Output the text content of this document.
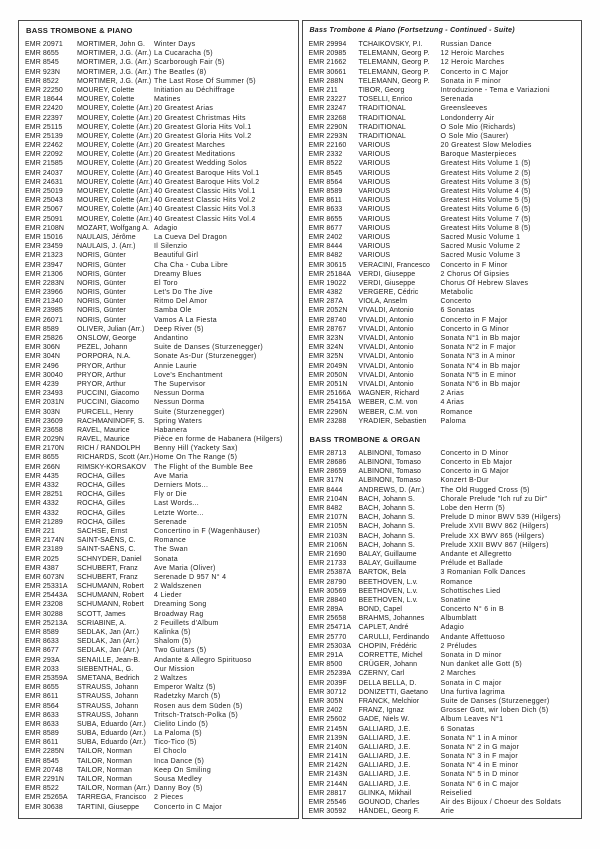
BASS TROMBONE & PIANO
EMR 20971	MORTIMER, John G.	Winter Days
EMR 8655	MORTIMER, J.G. (Arr.) La Cucaracha (5)
EMR 8545	MORTIMER, J.G. (Arr.) Scarborough Fair (5)
EMR 923N	MORTIMER, J.G. (Arr.) The Beatles (8)
EMR 8522	MORTIMER, J.G. (Arr.) The Last Rose Of Summer (5)
EMR 22250	MOUREY, Colette	Initiation au Déchiffrage
EMR 18644	MOUREY, Colette	Matines
EMR 22420	MOUREY, Colette (Arr.) 20 Greatest Arias
EMR 22397	MOUREY, Colette (Arr.) 20 Greatest Christmas Hits
EMR 25115	MOUREY, Colette (Arr.) 20 Greatest Gloria Hits Vol.1
EMR 25139	MOUREY, Colette (Arr.) 20 Greatest Gloria Hits Vol.2
EMR 22462	MOUREY, Colette (Arr.) 20 Greatest Marches
EMR 22092	MOUREY, Colette (Arr.) 20 Greatest Meditations
EMR 21585	MOUREY, Colette (Arr.) 20 Greatest Wedding Solos
EMR 24037	MOUREY, Colette (Arr.) 40 Greatest Baroque Hits Vol.1
EMR 24631	MOUREY, Colette (Arr.) 40 Greatest Baroque Hits Vol.2
EMR 25019	MOUREY, Colette (Arr.) 40 Greatest Classic Hits Vol.1
EMR 25043	MOUREY, Colette (Arr.) 40 Greatest Classic Hits Vol.2
EMR 25067	MOUREY, Colette (Arr.) 40 Greatest Classic Hits Vol.3
EMR 25091	MOUREY, Colette (Arr.) 40 Greatest Classic Hits Vol.4
EMR 2108N	MOZART, Wolfgang A. Adagio
EMR 15016	NAULAIS, Jérôme	La Cueva Del Dragon
EMR 23459	NAULAIS, J. (Arr.)	Il Silenzio
EMR 21323	NORIS, Günter	Beautiful Girl
EMR 23947	NORIS, Günter	Cha Cha - Cuba Libre
EMR 21306	NORIS, Günter	Dreamy Blues
EMR 2283N	NORIS, Günter	El Toro
EMR 23966	NORIS, Günter	Let's Do The Jive
EMR 21340	NORIS, Günter	Ritmo Del Amor
EMR 23985	NORIS, Günter	Samba Ole
EMR 26071	NORIS, Günter	Vamos A La Fiesta
EMR 8589	OLIVER, Julian (Arr.)	Deep River (5)
EMR 25826	ONSLOW, George	Andantino
EMR 306N	PEZEL, Johann	Suite de Danses (Sturzenegger)
EMR 304N	PORPORA, N.A.	Sonate As-Dur (Sturzenegger)
EMR 2496	PRYOR, Arthur	Annie Laurie
EMR 30040	PRYOR, Arthur	Love's Enchantment
EMR 4239	PRYOR, Arthur	The Supervisor
EMR 23493	PUCCINI, Giacomo	Nessun Dorma
EMR 2031N	PUCCINI, Giacomo	Nessun Dorma
EMR 303N	PURCELL, Henry	Suite (Sturzenegger)
EMR 23609	RACHMANINOFF, S.	Spring Waters
EMR 23658	RAVEL, Maurice	Habanera
EMR 2029N	RAVEL, Maurice	Pièce en forme de Habanera (Hilgers)
EMR 2170N	RICH / RANDOLPH	Benny Hill (Yackety Sax)
EMR 8655	RICHARDS, Scott (Arr.) Home On The Range (5)
EMR 266N	RIMSKY-KORSAKOV	The Flight of the Bumble Bee
EMR 4435	ROCHA, Gilles	Ave Maria
EMR 4332	ROCHA, Gilles	Derniers Mots...
EMR 28251	ROCHA, Gilles	Fly or Die
EMR 4332	ROCHA, Gilles	Last Words...
EMR 4332	ROCHA, Gilles	Letzte Worte...
EMR 21289	ROCHA, Gilles	Serenade
EMR 221	SACHSE, Ernst	Concertino in F (Wagenhäuser)
EMR 2174N	SAINT-SAËNS, C.	Romance
EMR 23189	SAINT-SAËNS, C.	The Swan
EMR 2025	SCHNYDER, Daniel	Sonata
EMR 4387	SCHUBERT, Franz	Ave Maria (Oliver)
EMR 6073N	SCHUBERT, Franz	Serenade D 957 N° 4
EMR 25331A	SCHUMANN, Robert	2 Waldszenen
EMR 25443A	SCHUMANN, Robert	4 Lieder
EMR 23208	SCHUMANN, Robert	Dreaming Song
EMR 30288	SCOTT, James	Broadway Rag
EMR 25213A	SCRIABINE, A.	2 Feuillets d'Album
EMR 8589	SEDLAK, Jan (Arr.)	Kalinka (5)
EMR 8633	SEDLAK, Jan (Arr.)	Shalom (5)
EMR 8677	SEDLAK, Jan (Arr.)	Two Guitars (5)
EMR 293A	SENAILLE, Jean-B.	Andante & Allegro Spirituoso
EMR 2033	SIEBENTHAL, G.	Our Mission
EMR 25359A	SMETANA, Bedrich	2 Waltzes
EMR 8655	STRAUSS, Johann	Emperor Waltz (5)
EMR 8611	STRAUSS, Johann	Radetzky March (5)
EMR 8564	STRAUSS, Johann	Rosen aus dem Süden (5)
EMR 8633	STRAUSS, Johann	Tritsch-Tratsch-Polka (5)
EMR 8633	SUBA, Eduardo (Arr.)	Cielito Lindo (5)
EMR 8589	SUBA, Eduardo (Arr.)	La Paloma (5)
EMR 8611	SUBA, Eduardo (Arr.)	Tico-Tico (5)
EMR 2285N	TAILOR, Norman	El Choclo
EMR 8545	TAILOR, Norman	Inca Dance (5)
EMR 20748	TAILOR, Norman	Keep On Smiling
EMR 2291N	TAILOR, Norman	Sousa Medley
EMR 8522	TAILOR, Norman (Arr.) Danny Boy (5)
EMR 25265A	TARREGA, Francisco	2 Pieces
EMR 30638	TARTINI, Giuseppe	Concerto in C Major
Bass Trombone & Piano (Fortsetzung - Continued - Suite)
EMR 29994	TCHAIKOVSKY, P.I.	Russian Dance
EMR 20985	TELEMANN, Georg P.	12 Heroic Marches
EMR 21662	TELEMANN, Georg P.	12 Heroic Marches
EMR 30661	TELEMANN, Georg P.	Concerto in C Major
EMR 288N	TELEMANN, Georg P.	Sonata in F minor
EMR 211	TIBOR, Georg	Introduzione - Tema e Variazioni
EMR 23227	TOSELLI, Enrico	Serenada
EMR 23247	TRADITIONAL	Greensleeves
EMR 23268	TRADITIONAL	Londonderry Air
EMR 2290N	TRADITIONAL	O Sole Mio (Richards)
EMR 2293N	TRADITIONAL	O Sole Mio (Saurer)
EMR 22160	VARIOUS	20 Greatest Slow Melodies
EMR 2332	VARIOUS	Baroque Masterpieces
EMR 8522	VARIOUS	Greatest Hits Volume 1 (5)
EMR 8545	VARIOUS	Greatest Hits Volume 2 (5)
EMR 8564	VARIOUS	Greatest Hits Volume 3 (5)
EMR 8589	VARIOUS	Greatest Hits Volume 4 (5)
EMR 8611	VARIOUS	Greatest Hits Volume 5 (5)
EMR 8633	VARIOUS	Greatest Hits Volume 6 (5)
EMR 8655	VARIOUS	Greatest Hits Volume 7 (5)
EMR 8677	VARIOUS	Greatest Hits Volume 8 (5)
EMR 2402	VARIOUS	Sacred Music Volume 1
EMR 8444	VARIOUS	Sacred Music Volume 2
EMR 8482	VARIOUS	Sacred Music Volume 3
EMR 30615	VERACINI, Francesco	Concerto in F Minor
EMR 25184A	VERDI, Giuseppe	2 Chorus Of Gipsies
EMR 19022	VERDI, Giuseppe	Chorus Of Hebrew Slaves
EMR 4382	VERGERE, Cédric	Metabolic
EMR 287A	VIOLA, Anselm	Concerto
EMR 2052N	VIVALDI, Antonio	6 Sonatas
EMR 28740	VIVALDI, Antonio	Concerto in F Major
EMR 28767	VIVALDI, Antonio	Concerto in G Minor
EMR 323N	VIVALDI, Antonio	Sonata N°1 in Bb major
EMR 324N	VIVALDI, Antonio	Sonata N°2 in F major
EMR 325N	VIVALDI, Antonio	Sonata N°3 in A minor
EMR 2049N	VIVALDI, Antonio	Sonata N°4 in Bb major
EMR 2050N	VIVALDI, Antonio	Sonata N°5 in E minor
EMR 2051N	VIVALDI, Antonio	Sonata N°6 in Bb major
EMR 25166A	WAGNER, Richard	2 Arias
EMR 25415A	WEBER, C.M. von	4 Arias
EMR 2296N	WEBER, C.M. von	Romance
EMR 23288	YRADIER, Sebastien	Paloma
BASS TROMBONE & ORGAN
EMR 28713	ALBINONI, Tomaso	Concerto in D Minor
EMR 28686	ALBINONI, Tomaso	Concerto in Eb Major
EMR 28659	ALBINONI, Tomaso	Concerto in G Major
EMR 317N	ALBINONI, Tomaso	Konzert B-Dur
EMR 8444	ANDREWS, D. (Arr.)	The Old Rugged Cross (5)
EMR 2104N	BACH, Johann S.	Chorale Prelude "Ich ruf zu Dir"
EMR 8482	BACH, Johann S.	Lobe den Herrn (5)
EMR 2107N	BACH, Johann S.	Prelude D minor BWV 539 (Hilgers)
EMR 2105N	BACH, Johann S.	Prelude XVII BWV 862 (Hilgers)
EMR 2103N	BACH, Johann S.	Prelude XX BWV 865 (Hilgers)
EMR 2106N	BACH, Johann S.	Prelude XXII BWV 867 (Hilgers)
EMR 21690	BALAY, Guillaume	Andante et Allegretto
EMR 21733	BALAY, Guillaume	Prélude et Ballade
EMR 25387A	BARTOK, Bela	3 Romanian Folk Dances
EMR 28790	BEETHOVEN, L.v.	Romance
EMR 30569	BEETHOVEN, L.v.	Schottisches Lied
EMR 28840	BEETHOVEN, L.v.	Sonatine
EMR 289A	BOND, Capel	Concerto N° 6 in B
EMR 25658	BRAHMS, Johannes	Albumblatt
EMR 25471A	CAPLET, André	Adagio
EMR 25770	CARULLI, Ferdinando	Andante Affettuoso
EMR 25303A	CHOPIN, Frédéric	2 Préludes
EMR 291A	CORRETTE, Michel	Sonata in D minor
EMR 8500	CRÜGER, Johann	Nun danket alle Gott (5)
EMR 25239A	CZERNY, Carl	2 Marches
EMR 2039F	DELLA BELLA, D.	Sonata in C major
EMR 30712	DONIZETTI, Gaetano	Una furtiva lagrima
EMR 305N	FRANCK, Melchior	Suite de Danses (Sturzenegger)
EMR 2402	FRANZ, Ignaz	Grosser Gott, wir loben Dich (5)
EMR 25602	GADE, Niels W.	Album Leaves N°1
EMR 2145N	GALLIARD, J.E.	6 Sonatas
EMR 2139N	GALLIARD, J.E.	Sonata N° 1 in A minor
EMR 2140N	GALLIARD, J.E.	Sonata N° 2 in G major
EMR 2141N	GALLIARD, J.E.	Sonata N° 3 in F major
EMR 2142N	GALLIARD, J.E.	Sonata N° 4 in E minor
EMR 2143N	GALLIARD, J.E.	Sonata N° 5 in D minor
EMR 2144N	GALLIARD, J.E.	Sonata N° 6 in C major
EMR 28817	GLINKA, Mikhail	Reiselied
EMR 25546	GOUNOD, Charles	Air des Bijoux / Choeur des Soldats
EMR 30592	HÄNDEL, Georg F.	Arie
